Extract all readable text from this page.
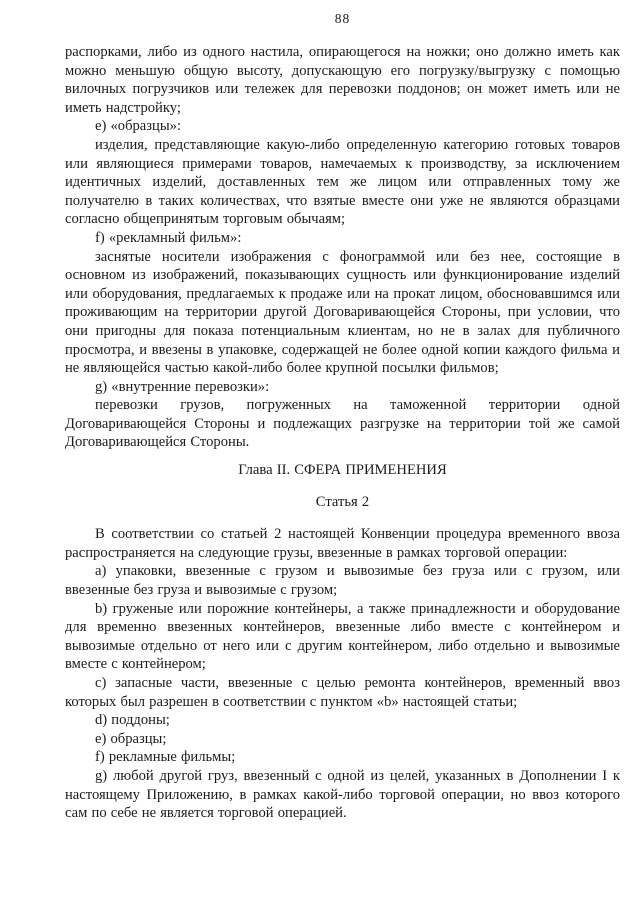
88

распорками, либо из одного настила, опирающегося на ножки; оно должно иметь как можно меньшую общую высоту, допускающую его погрузку/выгрузку с помощью вилочных погрузчиков или тележек для перевозки поддонов; он может иметь или не иметь надстройку;

e) «образцы»:

изделия, представляющие какую-либо определенную категорию готовых товаров или являющиеся примерами товаров, намечаемых к производству, за исключением идентичных изделий, доставленных тем же лицом или отправленных тому же получателю в таких количествах, что взятые вместе они уже не являются образцами согласно общепринятым торговым обычаям;

f) «рекламный фильм»:

заснятые носители изображения с фонограммой или без нее, состоящие в основном из изображений, показывающих сущность или функционирование изделий или оборудования, предлагаемых к продаже или на прокат лицом, обосновавшимся или проживающим на территории другой Договаривающейся Стороны, при условии, что они пригодны для показа потенциальным клиентам, но не в залах для публичного просмотра, и ввезены в упаковке, содержащей не более одной копии каждого фильма и не являющейся частью какой-либо более крупной посылки фильмов;

g) «внутренние перевозки»:

перевозки грузов, погруженных на таможенной территории одной Договаривающейся Стороны и подлежащих разгрузке на территории той же самой Договаривающейся Стороны.

Глава II. СФЕРА ПРИМЕНЕНИЯ

Статья 2

В соответствии со статьей 2 настоящей Конвенции процедура временного ввоза распространяется на следующие грузы, ввезенные в рамках торговой операции:

a) упаковки, ввезенные с грузом и вывозимые без груза или с грузом, или ввезенные без груза и вывозимые с грузом;

b) груженые или порожние контейнеры, а также принадлежности и оборудование для временно ввезенных контейнеров, ввезенные либо вместе с контейнером и вывозимые отдельно от него или с другим контейнером, либо отдельно и вывозимые вместе с контейнером;

c) запасные части, ввезенные с целью ремонта контейнеров, временный ввоз которых был разрешен в соответствии с пунктом «b» настоящей статьи;

d) поддоны;

e) образцы;

f) рекламные фильмы;

g) любой другой груз, ввезенный с одной из целей, указанных в Дополнении I к настоящему Приложению, в рамках какой-либо торговой операции, но ввоз которого сам по себе не является торговой операцией.
